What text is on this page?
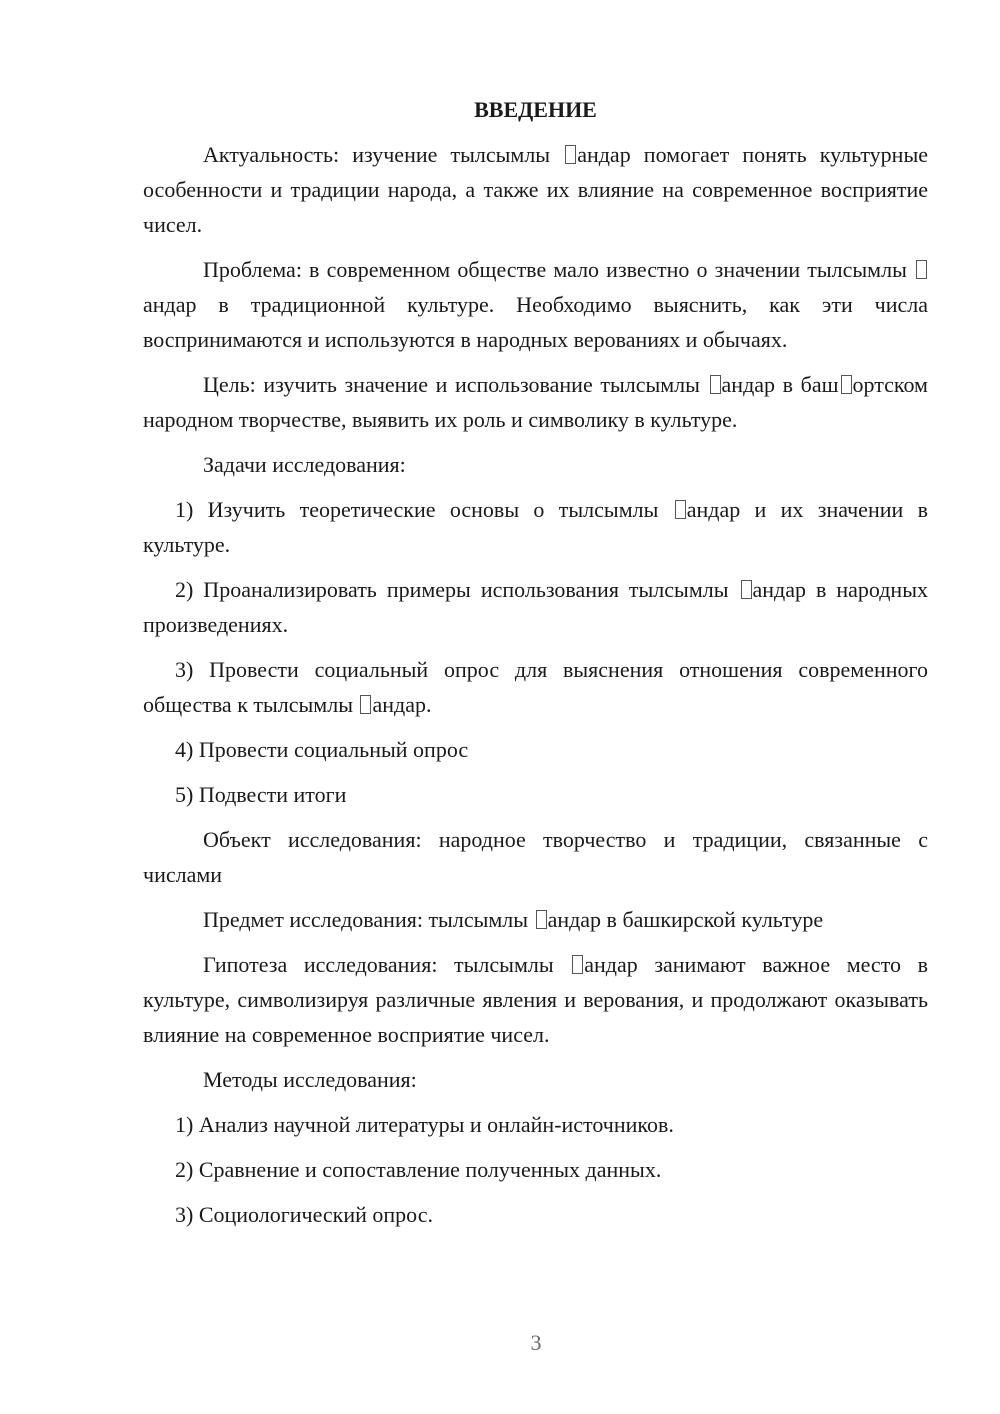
ВВЕДЕНИЕ

Актуальность: изучение тылсымлы андар помогает понять культурные особенности и традиции народа, а также их влияние на современное восприятие чисел.

Проблема: в современном обществе мало известно о значении тылсымлы андар в традиционной культуре. Необходимо выяснить, как эти числа воспринимаются и используются в народных верованиях и обычаях.

Цель: изучить значение и использование тылсымлы андар в баш ортском народном творчестве, выявить их роль и символику в культуре.

Задачи исследования:

1) Изучить теоретические основы о тылсымлы андар и их значении в культуре.

2) Проанализировать примеры использования тылсымлы андар в народных произведениях.

3) Провести социальный опрос для выяснения отношения современного общества к тылсымлы андар.

4) Провести социальный опрос

5) Подвести итоги

Объект исследования: народное творчество и традиции, связанные с числами

Предмет исследования: тылсымлы андар в башкирской культуре

Гипотеза исследования: тылсымлы андар занимают важное место в культуре, символизируя различные явления и верования, и продолжают оказывать влияние на современное восприятие чисел.

Методы исследования:

1) Анализ научной литературы и онлайн-источников.

2) Сравнение и сопоставление полученных данных.

3) Социологический опрос.

3
